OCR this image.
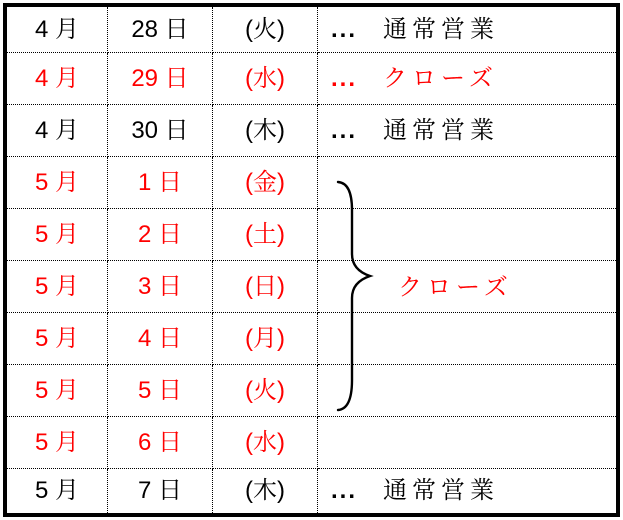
4 月 28 日 (火) ... 通常営業
4 月 29 日 (水) ... クローズ
4 月 30 日 (木) ... 通常営業
5 月 1 日	(金)
5 月 2 日	(土)
5 月 3 日	(日)
5 月 4 日	(月)
5 月 5 日	(火)
5 月 6 日	(水)
5 月 7 日	(木) ... 通常営業
クローズ
